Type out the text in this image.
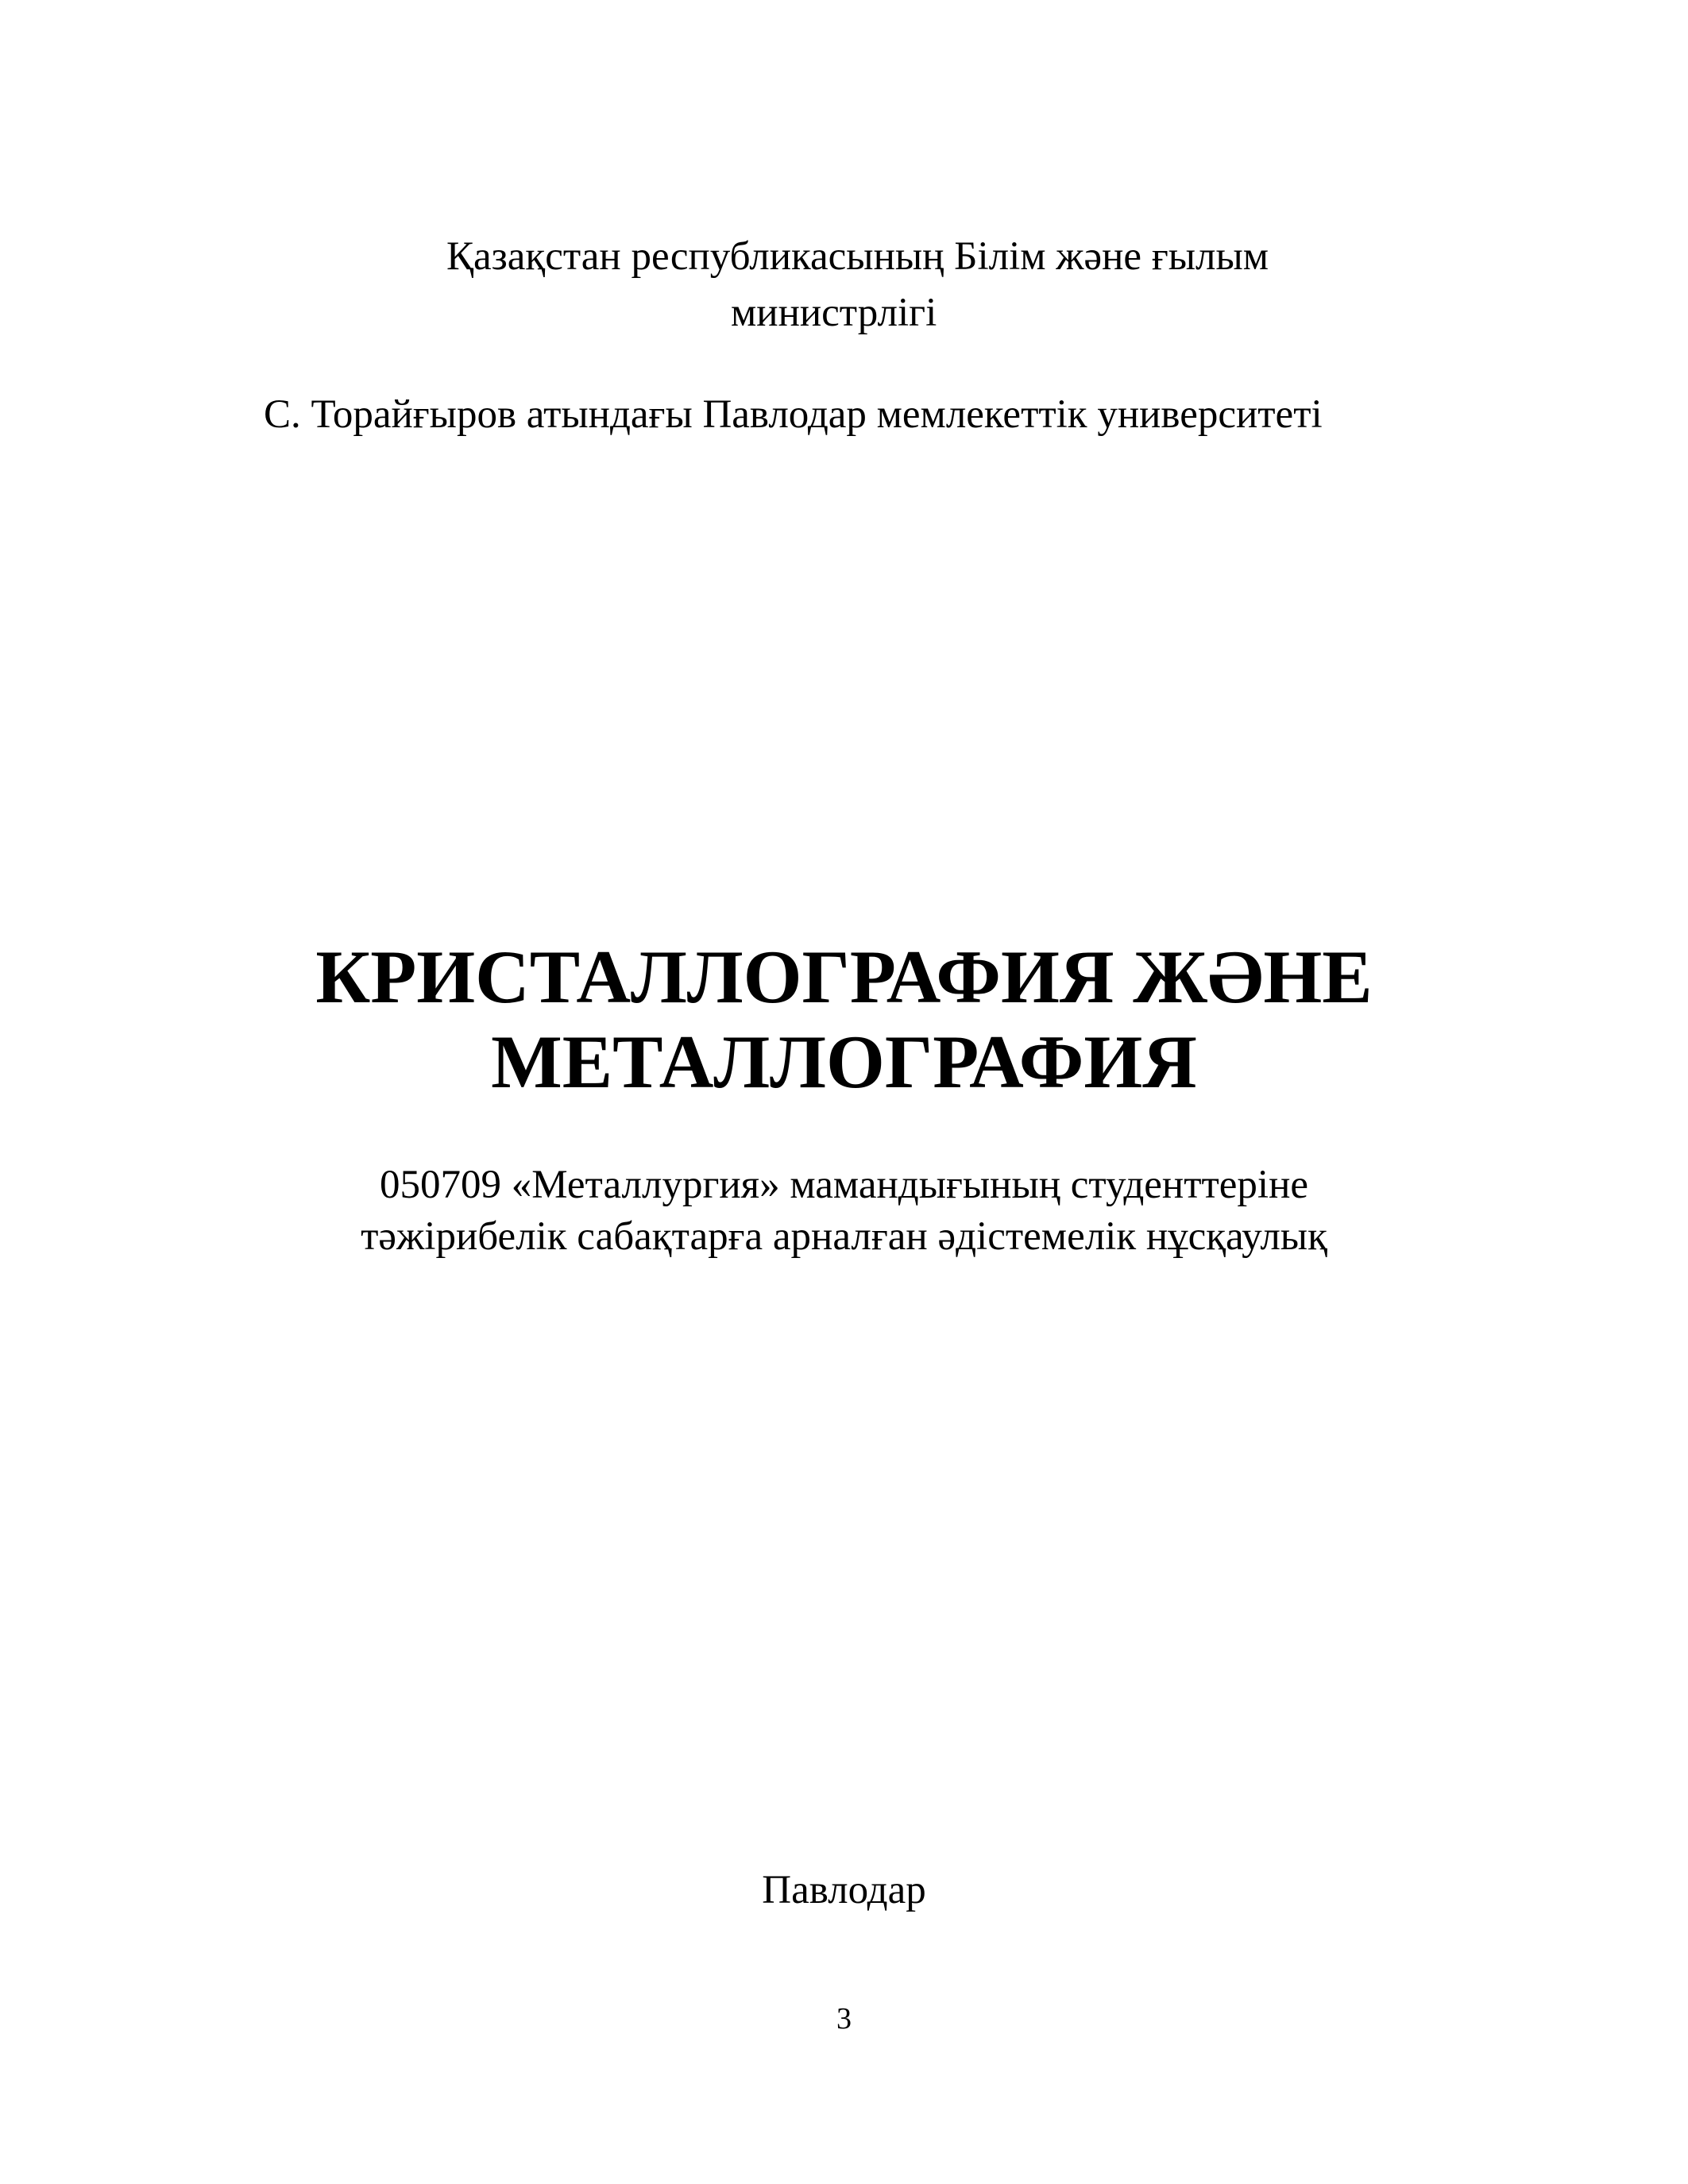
Қазақстан республикасының Білім және ғылым
министрлігі
С. Торайғыров атындағы Павлодар мемлекеттік университеті
КРИСТАЛЛОГРАФИЯ ЖӘНЕ
МЕТАЛЛОГРАФИЯ
050709 «Металлургия» мамандығының студенттеріне
тәжірибелік сабақтарға арналған әдістемелік нұсқаулық
Павлодар
3
